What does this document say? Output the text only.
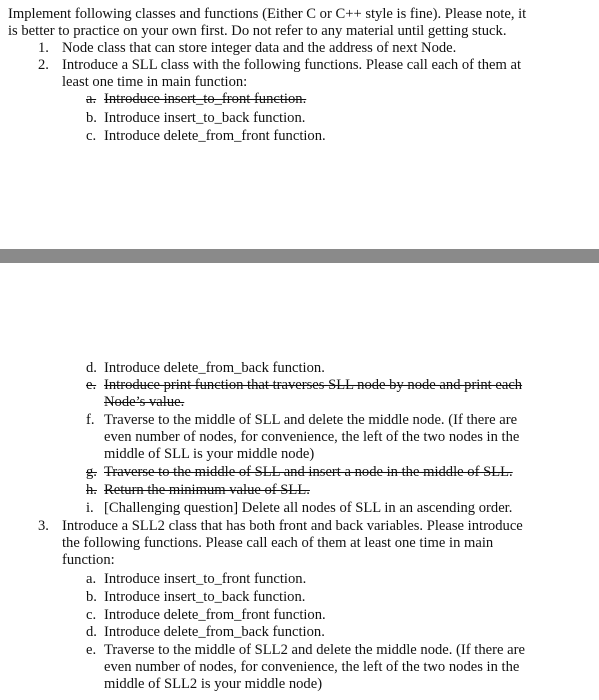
Implement following classes and functions (Either C or C++ style is fine). Please note, it
is better to practice on your own first. Do not refer to any material until getting stuck.
1. Node class that can store integer data and the address of next Node.
2. Introduce a SLL class with the following functions. Please call each of them at
least one time in main function:
a. Introduce insert_to_front function.
b. Introduce insert_to_back function.
c. Introduce delete_from_front function.
d. Introduce delete_from_back function.
e. Introduce print function that traverses SLL node by node and print each
Node’s value.
f. Traverse to the middle of SLL and delete the middle node. (If there are
even number of nodes, for convenience, the left of the two nodes in the
middle of SLL is your middle node)
g. Traverse to the middle of SLL and insert a node in the middle of SLL.
h. Return the minimum value of SLL.
i. [Challenging question] Delete all nodes of SLL in an ascending order.
3. Introduce a SLL2 class that has both front and back variables. Please introduce
the following functions. Please call each of them at least one time in main
function:
a. Introduce insert_to_front function.
b. Introduce insert_to_back function.
c. Introduce delete_from_front function.
d. Introduce delete_from_back function.
e. Traverse to the middle of SLL2 and delete the middle node. (If there are
even number of nodes, for convenience, the left of the two nodes in the
middle of SLL2 is your middle node)
